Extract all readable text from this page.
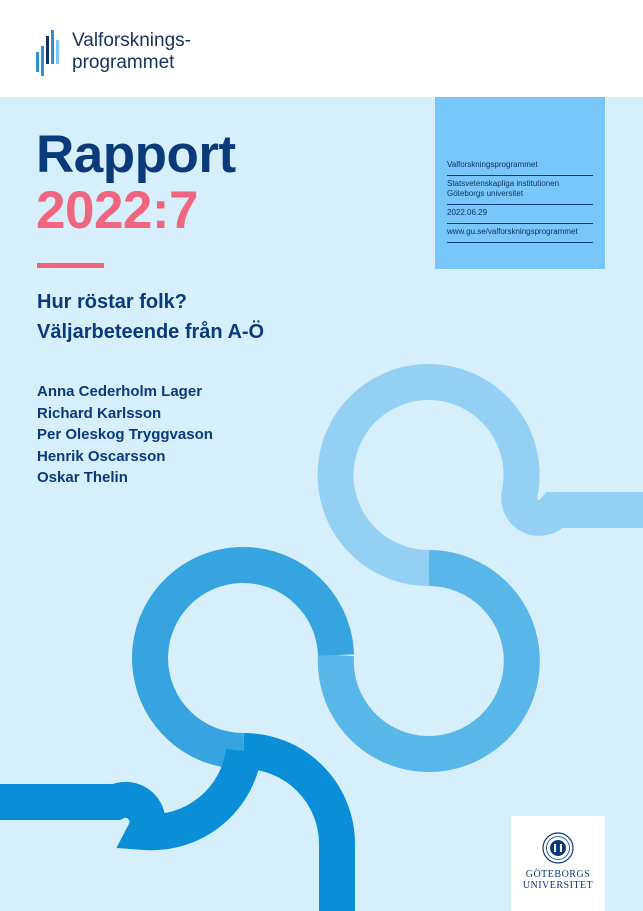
Valforsknings-
programmet
Rapport
2022:7
Hur röstar folk?
Väljarbeteende från A-Ö
Anna Cederholm Lager
Richard Karlsson
Per Oleskog Tryggvason
Henrik Oscarsson
Oskar Thelin
Valforskningsprogrammet
Statsvetenskapliga institutionen
Göteborgs universitet
2022.06.29
www.gu.se/valforskningsprogrammet
GÖTEBORGS
UNIVERSITET
